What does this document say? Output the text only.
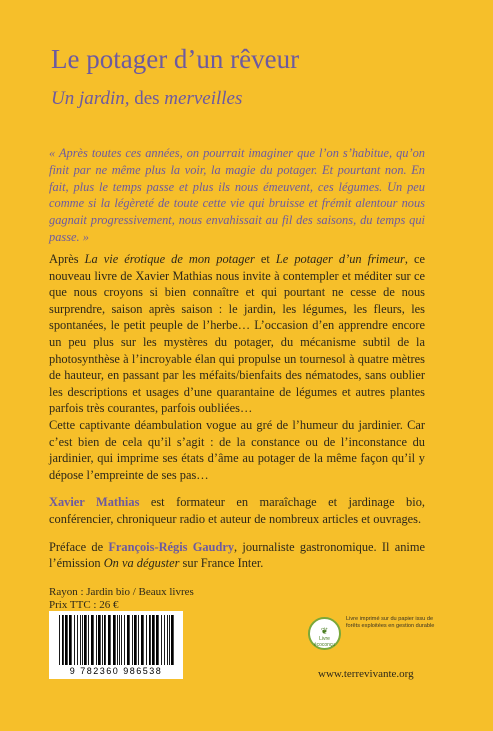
Le potager d’un rêveur
Un jardin, des merveilles

« Après toutes ces années, on pourrait imaginer que l’on s’habitue, qu’on finit par ne même plus la voir, la magie du potager. Et pourtant non. En fait, plus le temps passe et plus ils nous émeuvent, ces légumes. Un peu comme si la légèreté de toute cette vie qui bruisse et frémit alentour nous gagnait progressivement, nous envahissait au fil des saisons, du temps qui passe. »

Après La vie érotique de mon potager et Le potager d’un frimeur, ce nouveau livre de Xavier Mathias nous invite à contempler et méditer sur ce que nous croyons si bien connaître et qui pourtant ne cesse de nous surprendre, saison après saison : le jardin, les légumes, les fleurs, les spontanées, le petit peuple de l’herbe… L’occasion d’en apprendre encore un peu plus sur les mystères du potager, du mécanisme subtil de la photosynthèse à l’incroyable élan qui propulse un tournesol à quatre mètres de hauteur, en passant par les méfaits/bienfaits des nématodes, sans oublier les descriptions et usages d’une quarantaine de légumes et autres plantes parfois très courantes, parfois oubliées…

Cette captivante déambulation vogue au gré de l’humeur du jardinier. Car c’est bien de cela qu’il s’agit : de la constance ou de l’inconstance du jardinier, qui imprime ses états d’âme au potager de la même façon qu’il y dépose l’empreinte de ses pas…

Xavier Mathias est formateur en maraîchage et jardinage bio, conférencier, chroniqueur radio et auteur de nombreux articles et ouvrages.

Préface de François-Régis Gaudry, journaliste gastronomique. Il anime l’émission On va déguster sur France Inter.

Rayon : Jardin bio / Beaux livres
Prix TTC : 26 €
9 782360 986538
❦
Livre
écoconçu
Livre imprimé sur du papier issu de forêts exploitées en gestion durable
www.terrevivante.org
